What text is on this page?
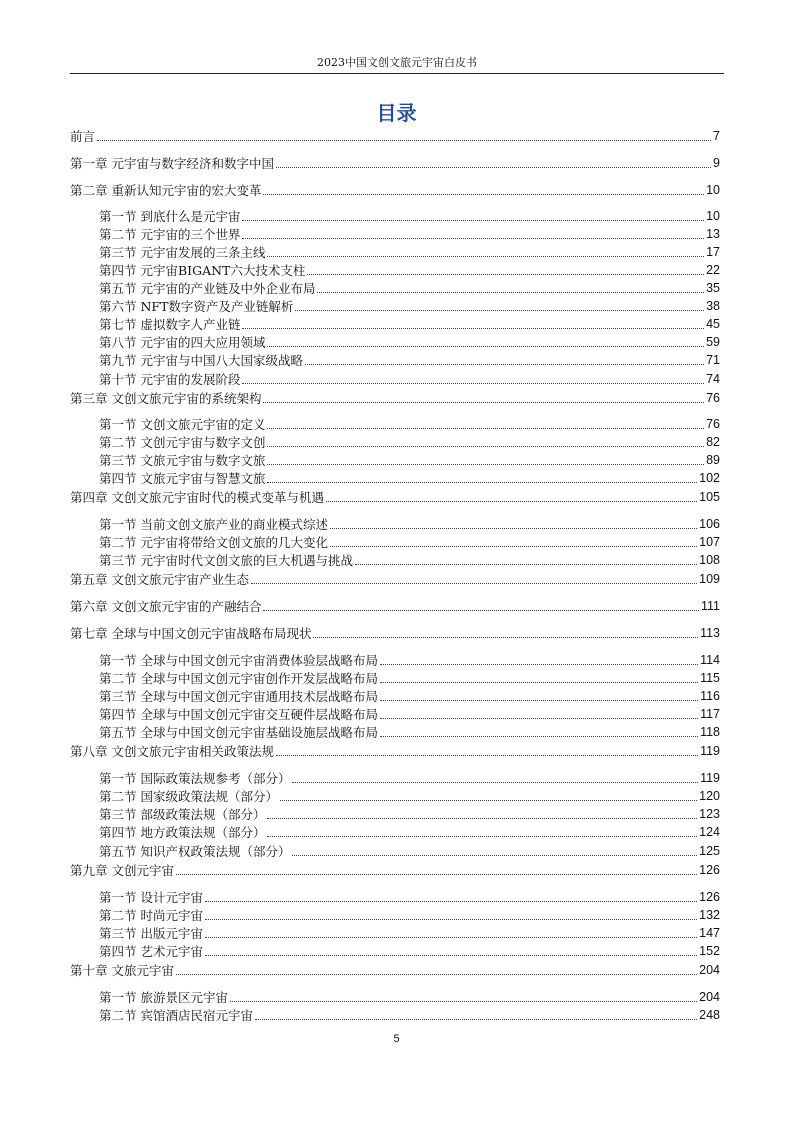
2023中国文创文旅元宇宙白皮书
目录
前言	7
第一章 元宇宙与数字经济和数字中国	9
第二章 重新认知元宇宙的宏大变革	10
第一节 到底什么是元宇宙	10
第二节 元宇宙的三个世界	13
第三节 元宇宙发展的三条主线	17
第四节 元宇宙BIGANT六大技术支柱	22
第五节 元宇宙的产业链及中外企业布局	35
第六节 NFT数字资产及产业链解析	38
第七节 虚拟数字人产业链	45
第八节 元宇宙的四大应用领域	59
第九节 元宇宙与中国八大国家级战略	71
第十节 元宇宙的发展阶段	74
第三章 文创文旅元宇宙的系统架构	76
第一节 文创文旅元宇宙的定义	76
第二节 文创元宇宙与数字文创	82
第三节 文旅元宇宙与数字文旅	89
第四节 文旅元宇宙与智慧文旅	102
第四章 文创文旅元宇宙时代的模式变革与机遇	105
第一节 当前文创文旅产业的商业模式综述	106
第二节 元宇宙将带给文创文旅的几大变化	107
第三节 元宇宙时代文创文旅的巨大机遇与挑战	108
第五章 文创文旅元宇宙产业生态	109
第六章 文创文旅元宇宙的产融结合	111
第七章 全球与中国文创元宇宙战略布局现状	113
第一节 全球与中国文创元宇宙消费体验层战略布局	114
第二节 全球与中国文创元宇宙创作开发层战略布局	115
第三节 全球与中国文创元宇宙通用技术层战略布局	116
第四节 全球与中国文创元宇宙交互硬件层战略布局	117
第五节 全球与中国文创元宇宙基础设施层战略布局	118
第八章 文创文旅元宇宙相关政策法规	119
第一节 国际政策法规参考（部分）	119
第二节 国家级政策法规（部分）	120
第三节 部级政策法规（部分）	123
第四节 地方政策法规（部分）	124
第五节 知识产权政策法规（部分）	125
第九章 文创元宇宙	126
第一节 设计元宇宙	126
第二节 时尚元宇宙	132
第三节 出版元宇宙	147
第四节 艺术元宇宙	152
第十章 文旅元宇宙	204
第一节 旅游景区元宇宙	204
第二节 宾馆酒店民宿元宇宙	248
5
